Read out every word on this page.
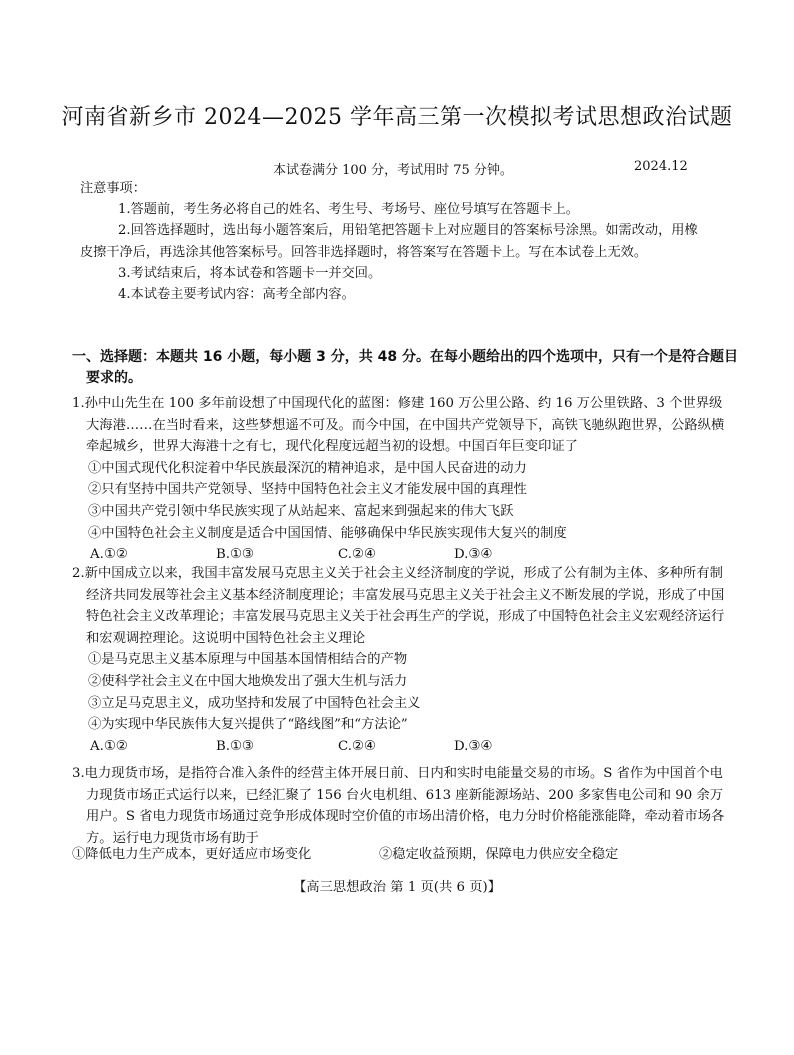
河南省新乡市 2024—2025 学年高三第一次模拟考试思想政治试题
本试卷满分 100 分，考试用时 75 分钟。	2024.12

注意事项：

1.答题前，考生务必将自己的姓名、考生号、考场号、座位号填写在答题卡上。

2.回答选择题时，选出每小题答案后，用铅笔把答题卡上对应题目的答案标号涂黑。如需改动，用橡皮擦干净后，再选涂其他答案标号。回答非选择题时，将答案写在答题卡上。写在本试卷上无效。

3.考试结束后，将本试卷和答题卡一并交回。

4.本试卷主要考试内容：高考全部内容。

一、选择题：本题共 16 小题，每小题 3 分，共 48 分。在每小题给出的四个选项中，只有一个是符合题目要求的。

1.孙中山先生在 100 多年前设想了中国现代化的蓝图：修建 160 万公里公路、约 16 万公里铁路、3 个世界级大海港……在当时看来，这些梦想遥不可及。而今中国，在中国共产党领导下，高铁飞驰纵跑世界，公路纵横牵起城乡，世界大海港十之有七，现代化程度远超当初的设想。中国百年巨变印证了

①中国式现代化积淀着中华民族最深沉的精神追求，是中国人民奋进的动力

②只有坚持中国共产党领导、坚持中国特色社会主义才能发展中国的真理性

③中国共产党引领中华民族实现了从站起来、富起来到强起来的伟大飞跃

④中国特色社会主义制度是适合中国国情、能够确保中华民族实现伟大复兴的制度

A.①②	B.①③	C.②④	D.③④

2.新中国成立以来，我国丰富发展马克思主义关于社会主义经济制度的学说，形成了公有制为主体、多种所有制经济共同发展等社会主义基本经济制度理论；丰富发展马克思主义关于社会主义不断发展的学说，形成了中国特色社会主义改革理论；丰富发展马克思主义关于社会再生产的学说，形成了中国特色社会主义宏观经济运行和宏观调控理论。这说明中国特色社会主义理论

①是马克思主义基本原理与中国基本国情相结合的产物

②使科学社会主义在中国大地焕发出了强大生机与活力

③立足马克思主义，成功坚持和发展了中国特色社会主义

④为实现中华民族伟大复兴提供了“路线图”和“方法论”

A.①②	B.①③	C.②④	D.③④

3.电力现货市场，是指符合准入条件的经营主体开展日前、日内和实时电能量交易的市场。S 省作为中国首个电力现货市场正式运行以来，已经汇聚了 156 台火电机组、613 座新能源场站、200 多家售电公司和 90 余万用户。S 省电力现货市场通过竞争形成体现时空价值的市场出清价格，电力分时价格能涨能降，牵动着市场各方。运行电力现货市场有助于

①降低电力生产成本，更好适应市场变化	②稳定收益预期，保障电力供应安全稳定
【高三思想政治 第 1 页(共 6 页)】
